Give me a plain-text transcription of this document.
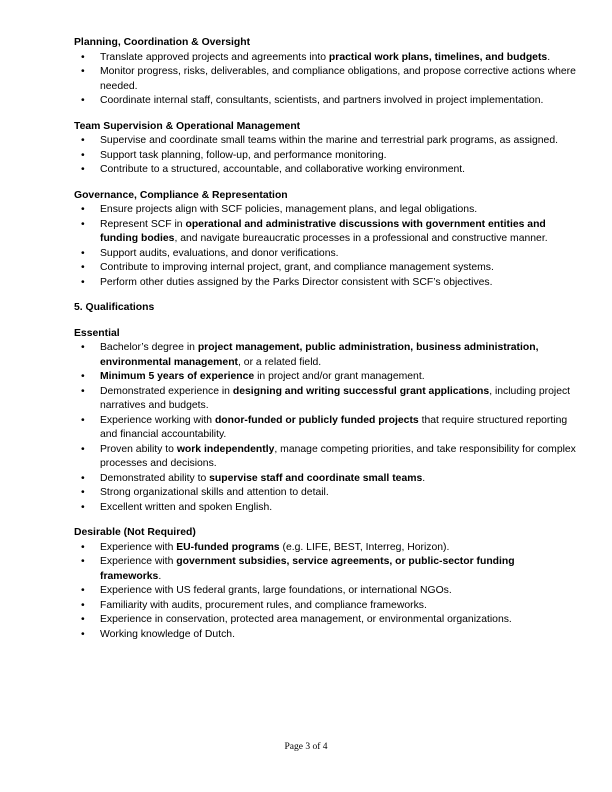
Planning, Coordination & Oversight
•	Translate approved projects and agreements into practical work plans, timelines, and budgets.
•	Monitor progress, risks, deliverables, and compliance obligations, and propose corrective actions where needed.
•	Coordinate internal staff, consultants, scientists, and partners involved in project implementation.
Team Supervision & Operational Management
•	Supervise and coordinate small teams within the marine and terrestrial park programs, as assigned.
•	Support task planning, follow-up, and performance monitoring.
•	Contribute to a structured, accountable, and collaborative working environment.
Governance, Compliance & Representation
•	Ensure projects align with SCF policies, management plans, and legal obligations.
•	Represent SCF in operational and administrative discussions with government entities and funding bodies, and navigate bureaucratic processes in a professional and constructive manner.
•	Support audits, evaluations, and donor verifications.
•	Contribute to improving internal project, grant, and compliance management systems.
•	Perform other duties assigned by the Parks Director consistent with SCF’s objectives.
5. Qualifications
Essential
•	Bachelor’s degree in project management, public administration, business administration, environmental management, or a related field.
•	Minimum 5 years of experience in project and/or grant management.
•	Demonstrated experience in designing and writing successful grant applications, including project narratives and budgets.
•	Experience working with donor-funded or publicly funded projects that require structured reporting and financial accountability.
•	Proven ability to work independently, manage competing priorities, and take responsibility for complex processes and decisions.
•	Demonstrated ability to supervise staff and coordinate small teams.
•	Strong organizational skills and attention to detail.
•	Excellent written and spoken English.
Desirable (Not Required)
•	Experience with EU-funded programs (e.g. LIFE, BEST, Interreg, Horizon).
•	Experience with government subsidies, service agreements, or public-sector funding frameworks.
•	Experience with US federal grants, large foundations, or international NGOs.
•	Familiarity with audits, procurement rules, and compliance frameworks.
•	Experience in conservation, protected area management, or environmental organizations.
•	Working knowledge of Dutch.
Page 3 of 4
